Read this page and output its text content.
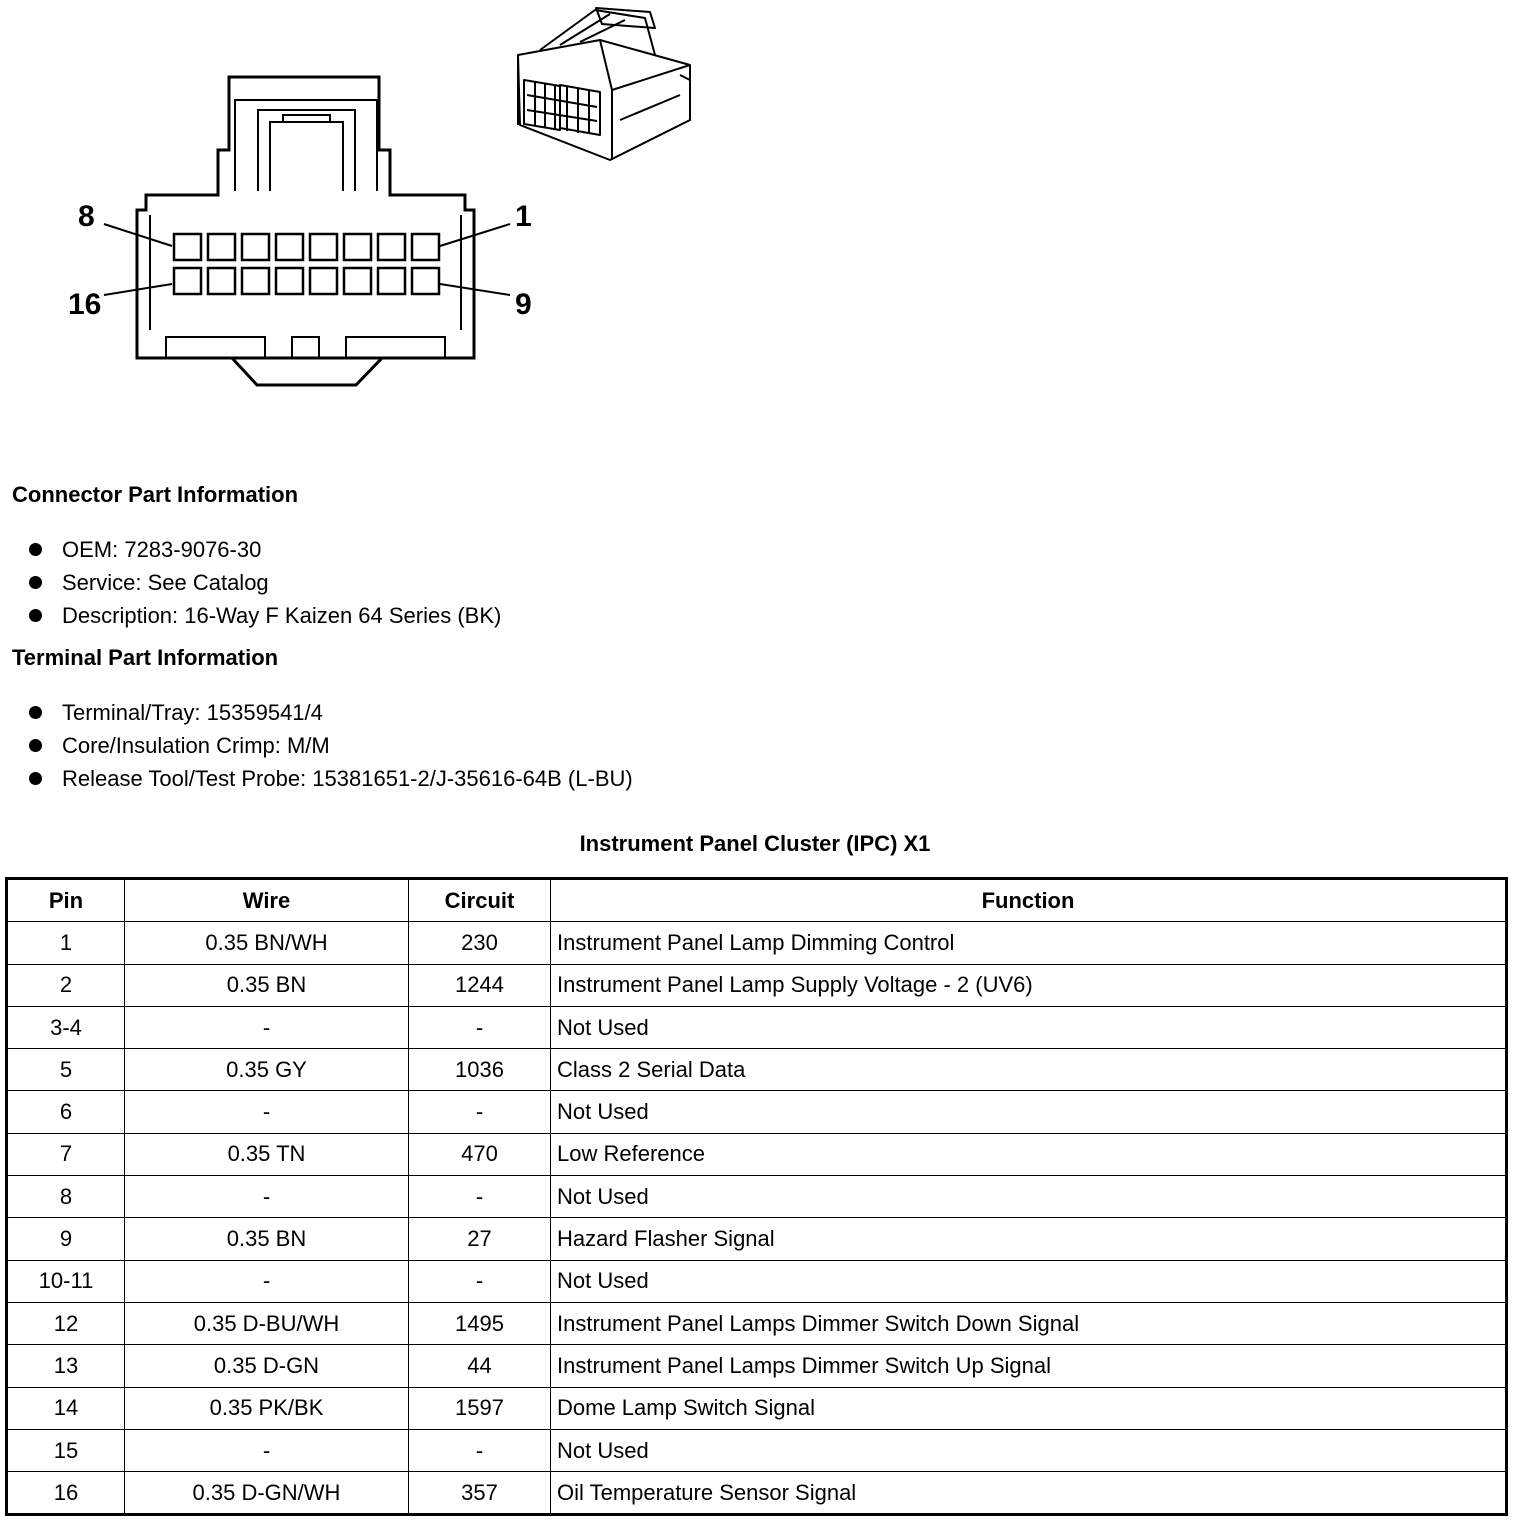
8	1
16	9
Connector Part Information
OEM: 7283-9076-30
Service: See Catalog
Description: 16-Way F Kaizen 64 Series (BK)
Terminal Part Information
Terminal/Tray: 15359541/4
Core/Insulation Crimp: M/M
Release Tool/Test Probe: 15381651-2/J-35616-64B (L-BU)
Instrument Panel Cluster (IPC) X1
Pin	Wire	Circuit	Function
1	0.35 BN/WH	230	Instrument Panel Lamp Dimming Control
2	0.35 BN	1244	Instrument Panel Lamp Supply Voltage - 2 (UV6)
3-4	-	-	Not Used
5	0.35 GY	1036	Class 2 Serial Data
6	-	-	Not Used
7	0.35 TN	470	Low Reference
8	-	-	Not Used
9	0.35 BN	27	Hazard Flasher Signal
10-11	-	-	Not Used
12	0.35 D-BU/WH	1495	Instrument Panel Lamps Dimmer Switch Down Signal
13	0.35 D-GN	44	Instrument Panel Lamps Dimmer Switch Up Signal
14	0.35 PK/BK	1597	Dome Lamp Switch Signal
15	-	-	Not Used
16	0.35 D-GN/WH	357	Oil Temperature Sensor Signal
